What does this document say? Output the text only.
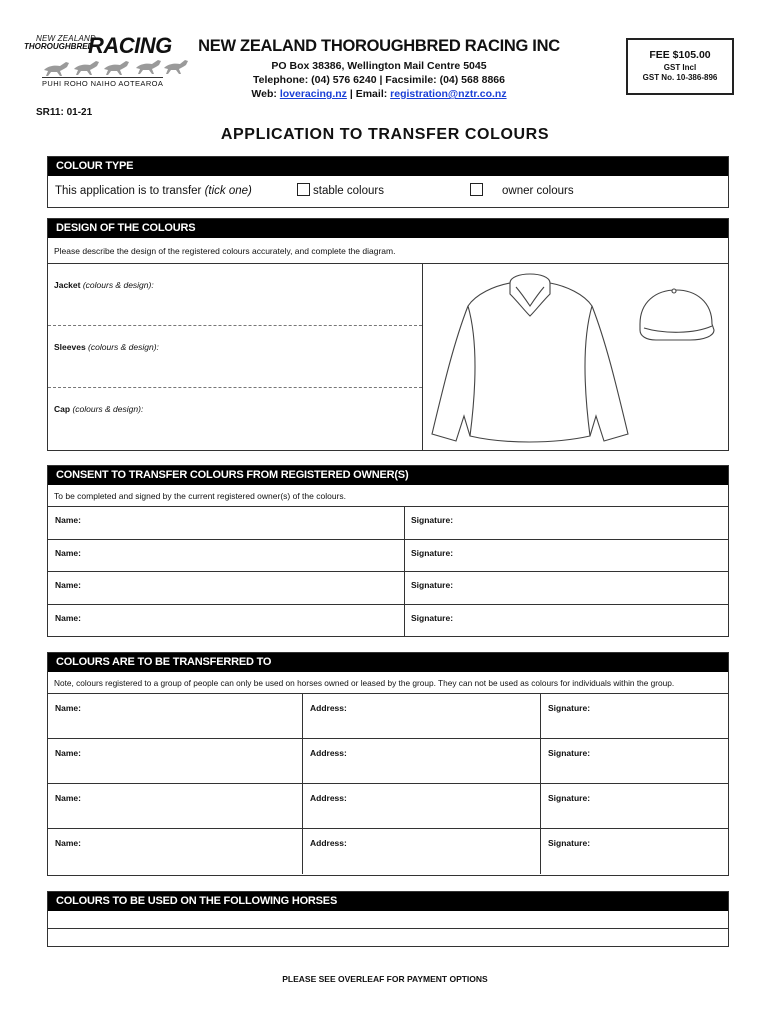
NEW ZEALAND
THOROUGHBRED
RACING
PUHI ROHO NAIHO AOTEAROA
NEW ZEALAND THOROUGHBRED RACING INC
PO Box 38386, Wellington Mail Centre 5045
Telephone: (04) 576 6240 | Facsimile: (04) 568 8866
Web: loveracing.nz | Email: registration@nztr.co.nz
FEE $105.00
GST Incl
GST No. 10-386-896
SR11: 01-21
APPLICATION TO TRANSFER COLOURS
COLOUR TYPE
This application is to transfer (tick one)	stable colours	owner colours
DESIGN OF THE COLOURS
Please describe the design of the registered colours accurately, and complete the diagram.
Jacket (colours & design):
Sleeves (colours & design):
Cap (colours & design):
CONSENT TO TRANSFER COLOURS FROM REGISTERED OWNER(S)
To be completed and signed by the current registered owner(s) of the colours.
Name:	Signature:
Name:	Signature:
Name:	Signature:
Name:	Signature:
COLOURS ARE TO BE TRANSFERRED TO
Note, colours registered to a group of people can only be used on horses owned or leased by the group. They can not be used as colours for individuals within the group.
Name:	Address:	Signature:
Name:	Address:	Signature:
Name:	Address:	Signature:
Name:	Address:	Signature:
COLOURS TO BE USED ON THE FOLLOWING HORSES
PLEASE SEE OVERLEAF FOR PAYMENT OPTIONS
